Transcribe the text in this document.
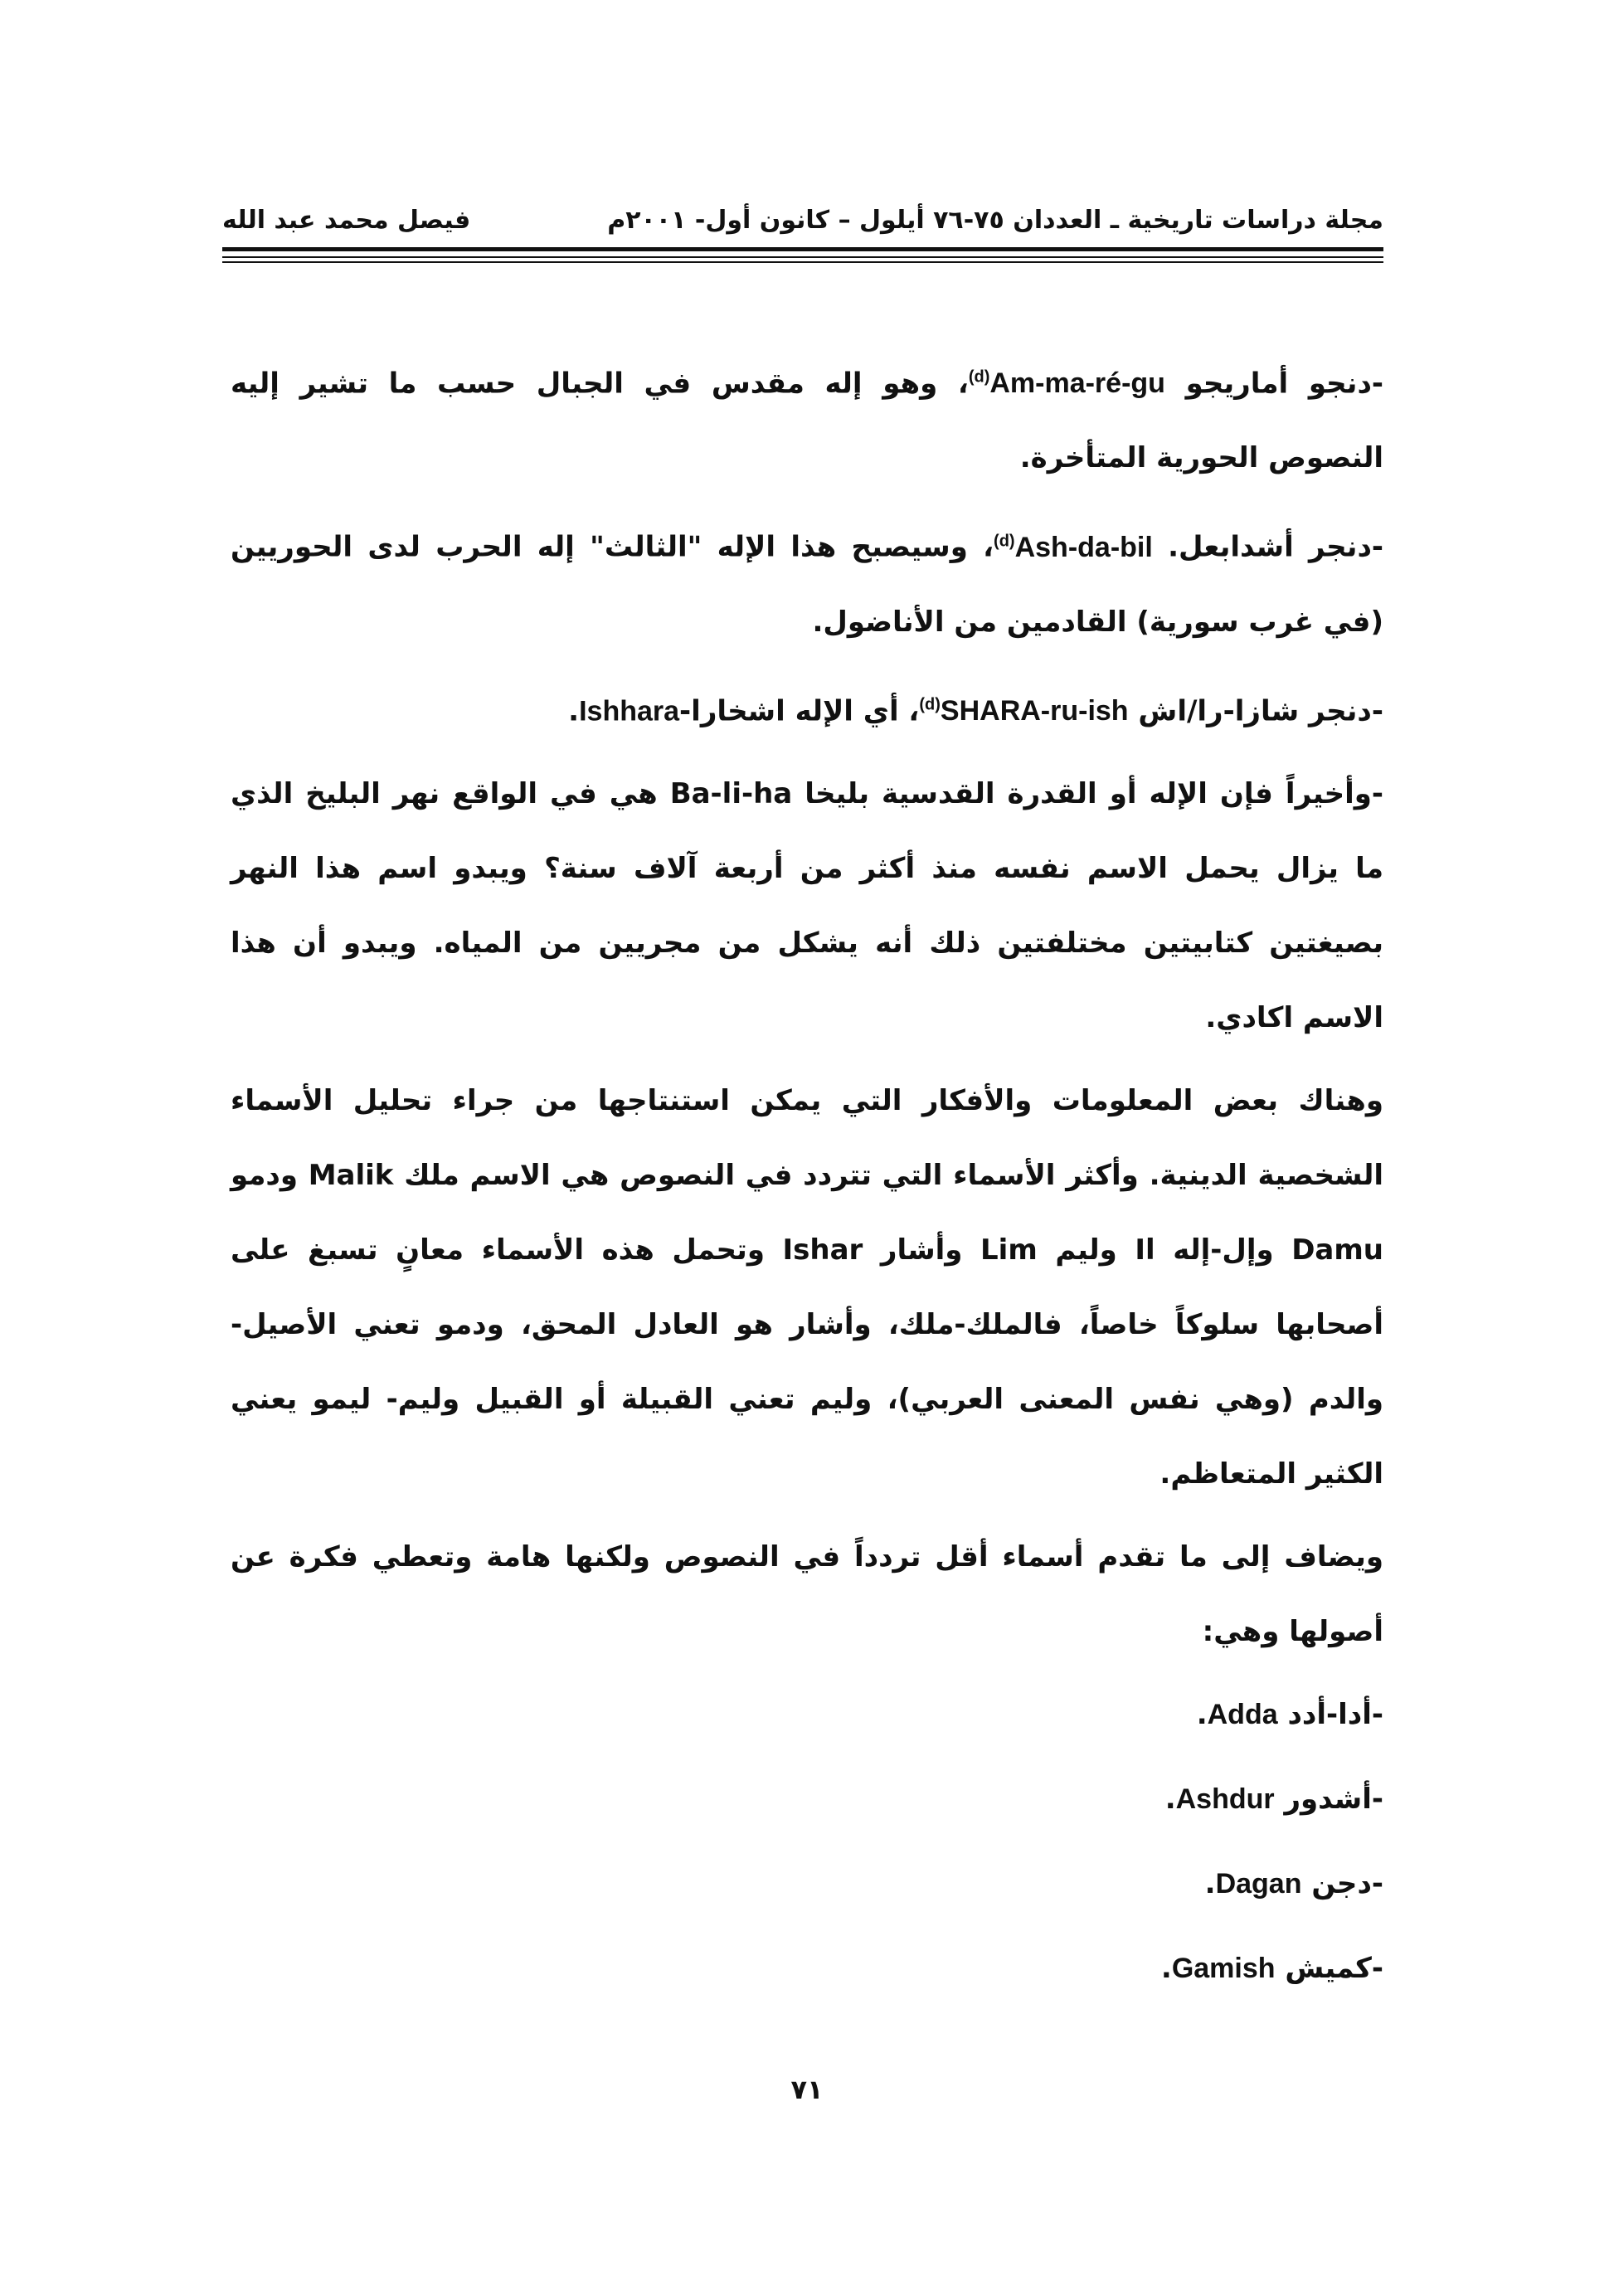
مجلة دراسات تاريخية ـ العددان ٧٥-٧٦ أيلول – كانون أول- ٢٠٠١م
فيصل محمد عبد الله

-دنجو أماريجو $^{(d)}$Am-ma-ré-gu، وهو إله مقدس في الجبال حسب ما تشير إليه النصوص الحورية المتأخرة.

-دنجر أشدابعل. $^{(d)}$Ash-da-bil، وسيصبح هذا الإله "الثالث" إله الحرب لدى الحوريين (في غرب سورية) القادمين من الأناضول.

-دنجر شازا-را/اش $^{(d)}$SHARA-ru-ish، أي الإله اشخارا-Ishhara.

-وأخيراً فإن الإله أو القدرة القدسية بليخا Ba-li-ha هي في الواقع نهر البليخ الذي ما يزال يحمل الاسم نفسه منذ أكثر من أربعة آلاف سنة؟ ويبدو اسم هذا النهر بصيغتين كتابيتين مختلفتين ذلك أنه يشكل من مجريين من المياه. ويبدو أن هذا الاسم اكادي.

وهناك بعض المعلومات والأفكار التي يمكن استنتاجها من جراء تحليل الأسماء الشخصية الدينية. وأكثر الأسماء التي تتردد في النصوص هي الاسم ملك Malik ودمو Damu وإل-إله Il وليم Lim وأشار Ishar وتحمل هذه الأسماء معانٍ تسبغ على أصحابها سلوكاً خاصاً، فالملك-ملك، وأشار هو العادل المحق، ودمو تعني الأصيل-والدم (وهي نفس المعنى العربي)، وليم تعني القبيلة أو القبيل وليم- ليمو يعني الكثير المتعاظم.

ويضاف إلى ما تقدم أسماء أقل تردداً في النصوص ولكنها هامة وتعطي فكرة عن أصولها وهي:

-أدا-أدد Adda.

-أشدور Ashdur.

-دجن Dagan.

-كميش Gamish.

٧١
